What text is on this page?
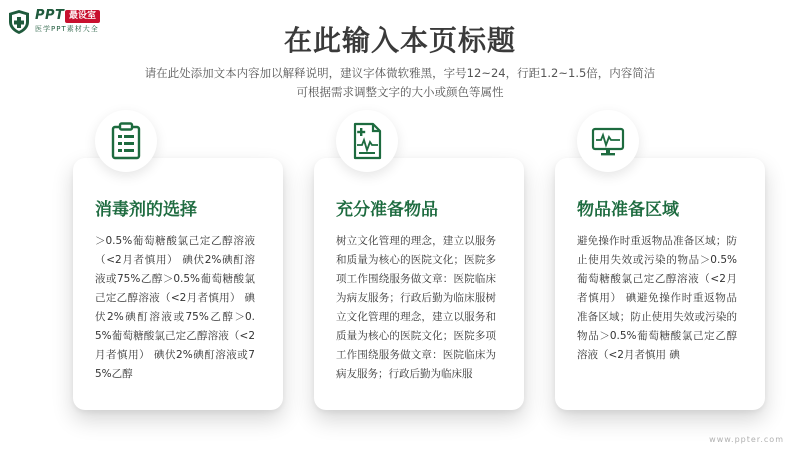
PPT 最设室
医学PPT素材大全	在此输入本页标题
请在此处添加文本内容加以解释说明，建议字体微软雅黑，字号12~24，行距1.2~1.5倍，内容简洁
可根据需求调整文字的大小或颜色等属性
消毒剂的选择	充分准备物品	物品准备区域
＞0.5%葡萄糖酸氯己定乙醇溶液（<2月者慎用） 碘伏2%碘酊溶液或75%乙醇＞0.5%葡萄糖酸氯己定乙醇溶液（<2月者慎用） 碘伏2%碘酊溶液或75%乙醇＞0.5%葡萄糖酸氯己定乙醇溶液（<2月者慎用） 碘伏2%碘酊溶液或75%乙醇
树立文化管理的理念，建立以服务和质量为核心的医院文化；医院多项工作围绕服务做文章：医院临床为病友服务；行政后勤为临床服树立文化管理的理念，建立以服务和质量为核心的医院文化；医院多项工作围绕服务做文章：医院临床为病友服务；行政后勤为临床服
避免操作时重返物品准备区域；防止使用失效或污染的物品＞0.5%葡萄糖酸氯己定乙醇溶液（<2月者慎用） 碘避免操作时重返物品准备区域；防止使用失效或污染的物品＞0.5%葡萄糖酸氯己定乙醇溶液（<2月者慎用 碘
www.ppter.com
